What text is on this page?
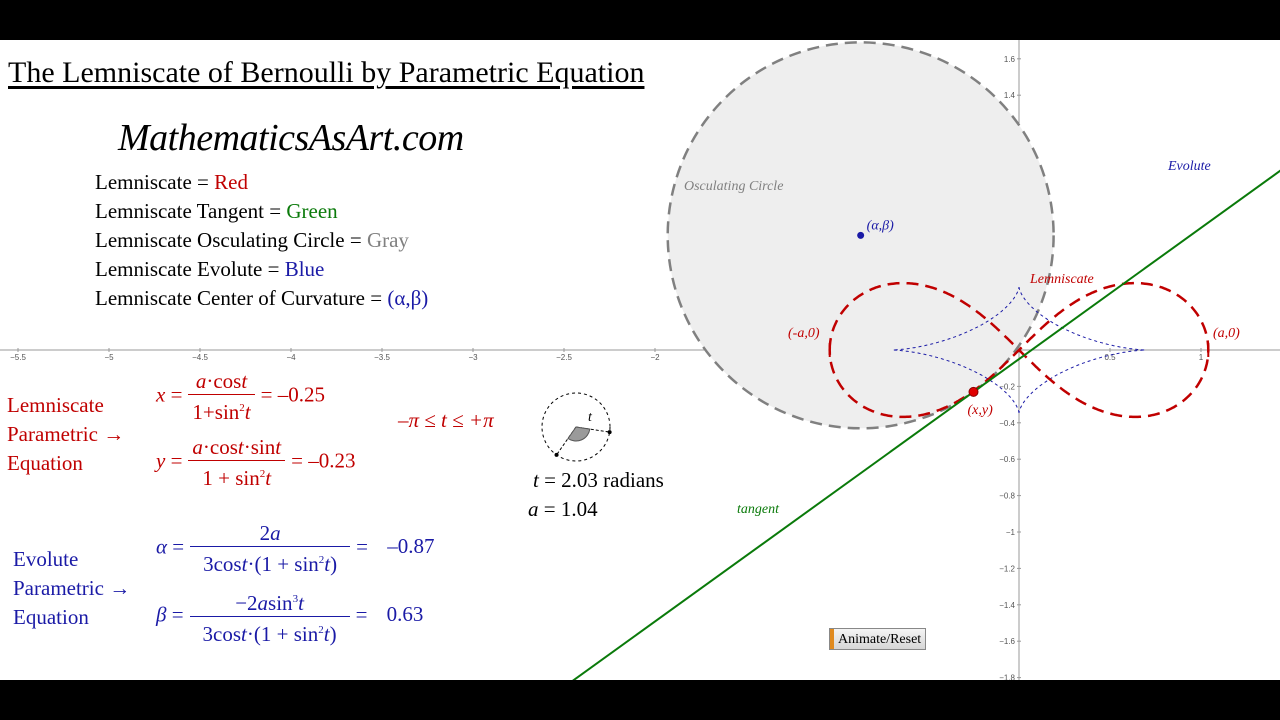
−5.5	−5	−4.5	−4	−3.5	−3	−2.5	−2	0.5	1
1.6
1.4
−0.2
−0.4
−0.6
−0.8
−1
−1.2
−1.4
−1.6
−1.8
Osculating Circle
Evolute
Lemniscate
tangent
(α,β)
(x,y)
(-a,0)	(a,0)
t
The Lemniscate of Bernoulli by Parametric Equation
MathematicsAsArt.com
Lemniscate = Red
Lemniscate Tangent = Green
Lemniscate Osculating Circle = Gray
Lemniscate Evolute = Blue
Lemniscate Center of Curvature = (α,β)
Lemniscate
Parametric →
Equation
$x = \frac{a\cdot\cos t}{1+\sin^2t} = -0.25$
$y = \frac{a\cdot\cos t\cdot\sin t}{1 + \sin^2t} = -0.23$
–π ≤ t ≤ +π
t = 2.03 radians
a = 1.04
Evolute
Parametric →
Equation
$\alpha = \frac{2a}{3\cos t\cdot(1 + \sin^2t)} = -0.87$
$\beta = \frac{-2asin^3t}{3\cos t\cdot(1 + \sin^2t)} = 0.63$
Animate/Reset
